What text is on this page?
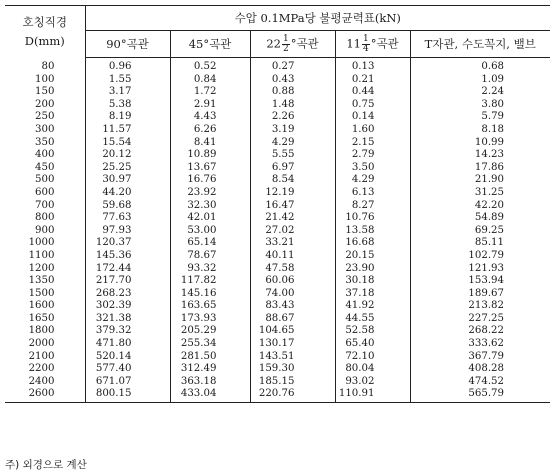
호칭직경
D(mm)	수압 0.1MPa당 불평균력표(kN)				
	90°곡관	45°곡관	$22 \frac{1}{2}$ °곡관	$11 \frac{1}{4}$ °곡관	T자관, 수도꼭지, 밸브
80	0.96	0.52	0.27	0.13	0.68
100	1.55	0.84	0.43	0.21	1.09
150	3.17	1.72	0.88	0.44	2.24
200	5.38	2.91	1.48	0.75	3.80
250	8.19	4.43	2.26	0.14	5.79
300	11.57	6.26	3.19	1.60	8.18
350	15.54	8.41	4.29	2.15	10.99
400	20.12	10.89	5.55	2.79	14.23
450	25.25	13.67	6.97	3.50	17.86
500	30.97	16.76	8.54	4.29	21.90
600	44.20	23.92	12.19	6.13	31.25
700	59.68	32.30	16.47	8.27	42.20
800	77.63	42.01	21.42	10.76	54.89
900	97.93	53.00	27.02	13.58	69.25
1000	120.37	65.14	33.21	16.68	85.11
1100	145.36	78.67	40.11	20.15	102.79
1200	172.44	93.32	47.58	23.90	121.93
1350	217.70	117.82	60.06	30.18	153.94
1500	268.23	145.16	74.00	37.18	189.67
1600	302.39	163.65	83.43	41.92	213.82
1650	321.38	173.93	88.67	44.55	227.25
1800	379.32	205.29	104.65	52.58	268.22
2000	471.80	255.34	130.17	65.40	333.62
2100	520.14	281.50	143.51	72.10	367.79
2200	577.40	312.49	159.30	80.04	408.28
2400	671.07	363.18	185.15	93.02	474.52
2600	800.15	433.04	220.76	110.91	565.79
주) 외경으로 계산
